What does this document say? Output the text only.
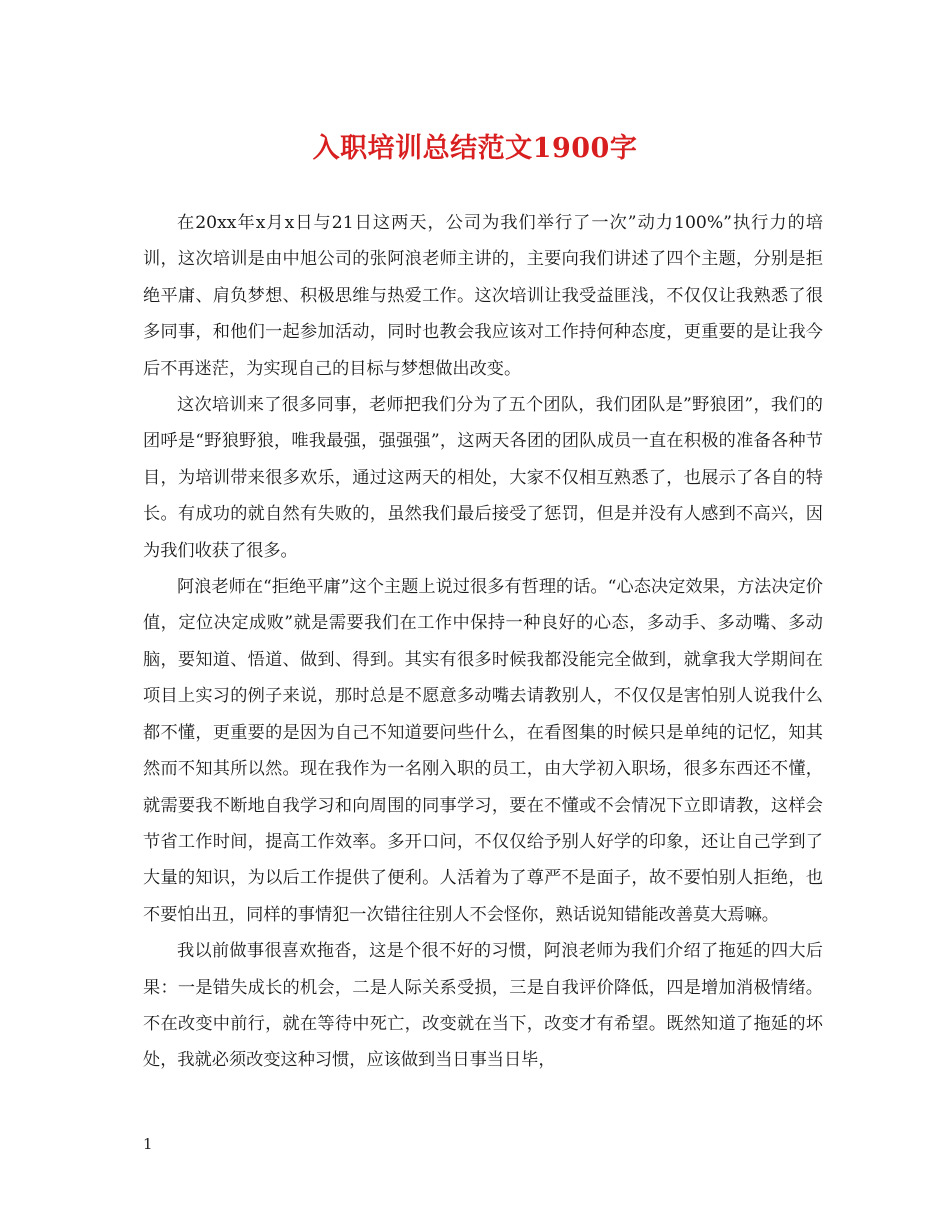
入职培训总结范文1900字

在20xx年x月x日与21日这两天，公司为我们举行了一次”动力100%”执行力的培训，这次培训是由中旭公司的张阿浪老师主讲的，主要向我们讲述了四个主题，分别是拒绝平庸、肩负梦想、积极思维与热爱工作。这次培训让我受益匪浅，不仅仅让我熟悉了很多同事，和他们一起参加活动，同时也教会我应该对工作持何种态度，更重要的是让我今后不再迷茫，为实现自己的目标与梦想做出改变。

这次培训来了很多同事，老师把我们分为了五个团队，我们团队是”野狼团”，我们的团呼是“野狼野狼，唯我最强，强强强”，这两天各团的团队成员一直在积极的准备各种节目，为培训带来很多欢乐，通过这两天的相处，大家不仅相互熟悉了，也展示了各自的特长。有成功的就自然有失败的，虽然我们最后接受了惩罚，但是并没有人感到不高兴，因为我们收获了很多。

阿浪老师在“拒绝平庸”这个主题上说过很多有哲理的话。“心态决定效果，方法决定价值，定位决定成败”就是需要我们在工作中保持一种良好的心态，多动手、多动嘴、多动脑，要知道、悟道、做到、得到。其实有很多时候我都没能完全做到，就拿我大学期间在项目上实习的例子来说，那时总是不愿意多动嘴去请教别人，不仅仅是害怕别人说我什么都不懂，更重要的是因为自己不知道要问些什么，在看图集的时候只是单纯的记忆，知其然而不知其所以然。现在我作为一名刚入职的员工，由大学初入职场，很多东西还不懂，就需要我不断地自我学习和向周围的同事学习，要在不懂或不会情况下立即请教，这样会节省工作时间，提高工作效率。多开口问，不仅仅给予别人好学的印象，还让自己学到了大量的知识，为以后工作提供了便利。人活着为了尊严不是面子，故不要怕别人拒绝，也不要怕出丑，同样的事情犯一次错往往别人不会怪你，熟话说知错能改善莫大焉嘛。

我以前做事很喜欢拖沓，这是个很不好的习惯，阿浪老师为我们介绍了拖延的四大后果：一是错失成长的机会，二是人际关系受损，三是自我评价降低，四是增加消极情绪。不在改变中前行，就在等待中死亡，改变就在当下，改变才有希望。既然知道了拖延的坏处，我就必须改变这种习惯，应该做到当日事当日毕，

1
